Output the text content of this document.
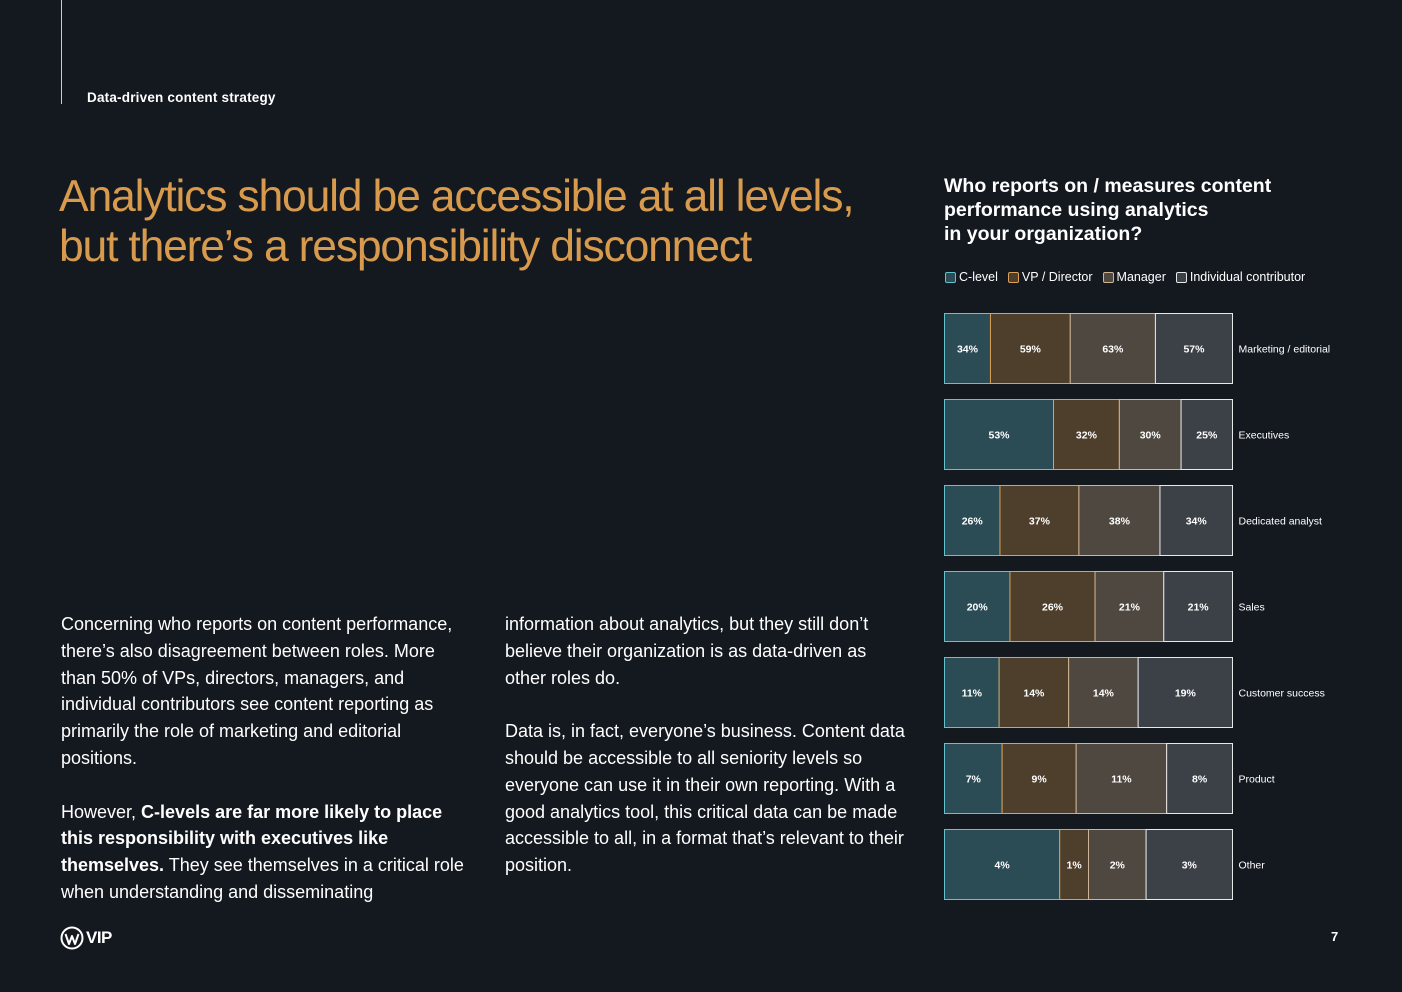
Data-driven content strategy
Analytics should be accessible at all levels,
but there’s a responsibility disconnect

Concerning who reports on content performance, there’s also disagreement between roles. More than 50% of VPs, directors, managers, and individual contributors see content reporting as primarily the role of marketing and editorial positions.

However, C-levels are far more likely to place this responsibility with executives like themselves. They see themselves in a critical role when understanding and disseminating

information about analytics, but they still don’t believe their organization is as data-driven as other roles do.

Data is, in fact, everyone’s business. Content data should be accessible to all seniority levels so everyone can use it in their own reporting. With a good analytics tool, this critical data can be made accessible to all, in a format that’s relevant to their position.

Who reports on / measures content
performance using analytics
in your organization?
C-level VP / Director Manager Individual contributor
34%	59%	63%	57%	Marketing / editorial
53%	32%	30%	25% Executives
26%	37%	38%	34%	Dedicated analyst
20%	26%	21%	21%	Sales
11%	14%	14%	19%	Customer success
7%	9%	11%	8%	Product
4%	1%	2%	3%	Other
VIP	7
